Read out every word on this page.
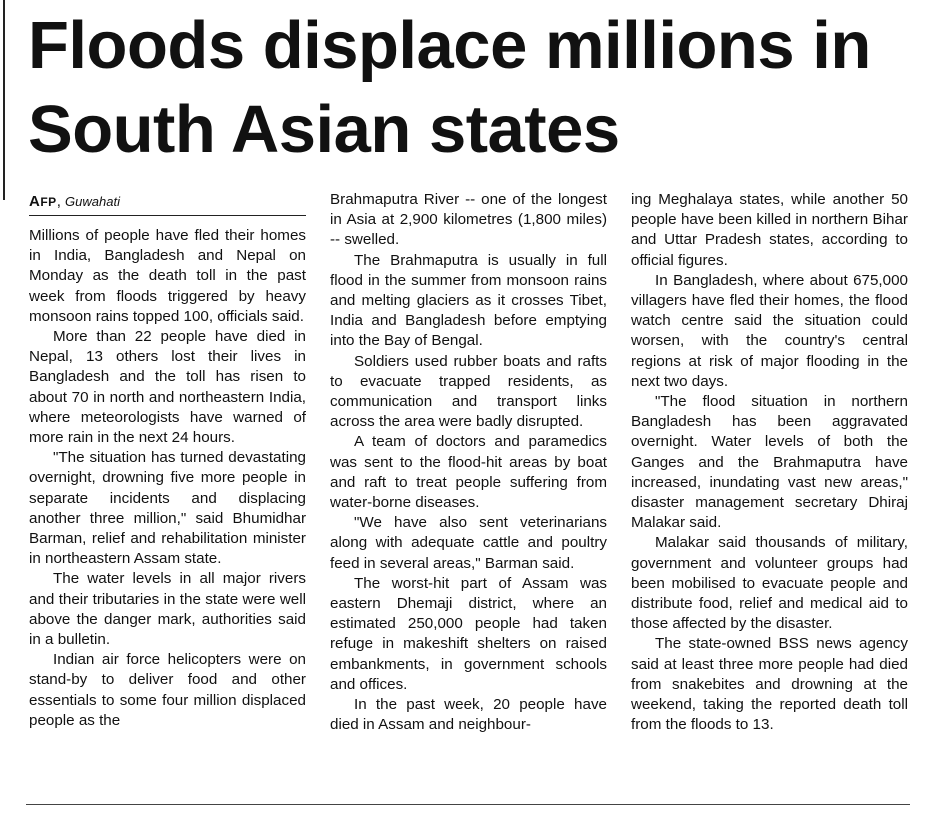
Floods displace millions in South Asian states
AFP, Guwahati

Millions of people have fled their homes in India, Bangladesh and Nepal on Monday as the death toll in the past week from floods triggered by heavy monsoon rains topped 100, officials said.

More than 22 people have died in Nepal, 13 others lost their lives in Bangladesh and the toll has risen to about 70 in north and northeastern India, where meteorologists have warned of more rain in the next 24 hours.

"The situation has turned devastating overnight, drowning five more people in separate incidents and displacing another three million," said Bhumidhar Barman, relief and rehabilitation minister in northeastern Assam state.

The water levels in all major rivers and their tributaries in the state were well above the danger mark, authorities said in a bulletin.

Indian air force helicopters were on stand-by to deliver food and other essentials to some four million displaced people as the

Brahmaputra River -- one of the longest in Asia at 2,900 kilometres (1,800 miles) -- swelled.

The Brahmaputra is usually in full flood in the summer from monsoon rains and melting glaciers as it crosses Tibet, India and Bangladesh before emptying into the Bay of Bengal.

Soldiers used rubber boats and rafts to evacuate trapped residents, as communication and transport links across the area were badly disrupted.

A team of doctors and paramedics was sent to the flood-hit areas by boat and raft to treat people suffering from water-borne diseases.

"We have also sent veterinarians along with adequate cattle and poultry feed in several areas," Barman said.

The worst-hit part of Assam was eastern Dhemaji district, where an estimated 250,000 people had taken refuge in makeshift shelters on raised embankments, in government schools and offices.

In the past week, 20 people have died in Assam and neighbour-

ing Meghalaya states, while another 50 people have been killed in northern Bihar and Uttar Pradesh states, according to official figures.

In Bangladesh, where about 675,000 villagers have fled their homes, the flood watch centre said the situation could worsen, with the country's central regions at risk of major flooding in the next two days.

"The flood situation in northern Bangladesh has been aggravated overnight. Water levels of both the Ganges and the Brahmaputra have increased, inundating vast new areas," disaster management secretary Dhiraj Malakar said.

Malakar said thousands of military, government and volunteer groups had been mobilised to evacuate people and distribute food, relief and medical aid to those affected by the disaster.

The state-owned BSS news agency said at least three more people had died from snakebites and drowning at the weekend, taking the reported death toll from the floods to 13.
